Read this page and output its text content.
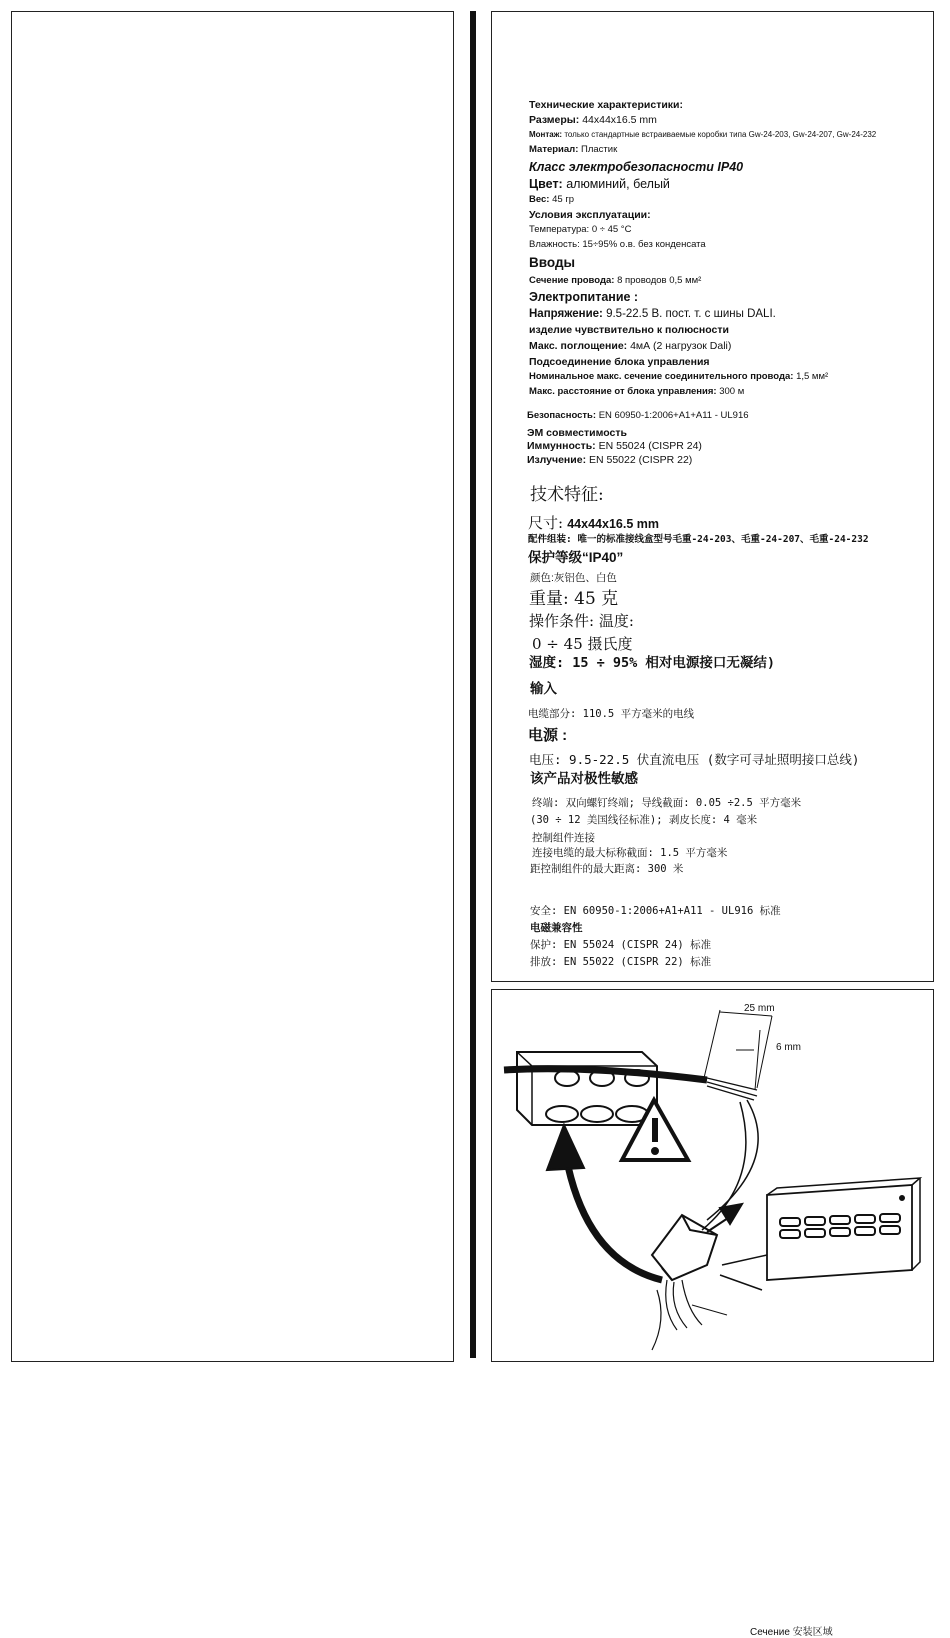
Технические характеристики:
Размеры: 44x44x16.5 mm
Монтаж: только стандартные встраиваемые коробки типа Gw-24-203, Gw-24-207, Gw-24-232
Материал: Пластик
Класс электробезопасности IP40
Цвет: алюминий, белый
Вес: 45 гр
Условия эксплуатации:
Температура: 0 ÷ 45 °C
Влажность: 15÷95% о.в. без конденсата
Вводы
Сечение провода: 8 проводов 0,5 мм²
Электропитание :
Напряжение: 9.5-22.5 В. пост. т. с шины DALI.
изделие чувствительно к полюсности
Макс. поглощение: 4мА (2 нагрузок Dali)
Подсоединение блока управления
Номинальное макс. сечение соединительного провода: 1,5 мм²
Макс. расстояние от блока управления: 300 м
Безопасность: EN 60950-1:2006+A1+A11 - UL916
ЭМ совместимость
Иммунность: EN 55024 (CISPR 24)
Излучение: EN 55022 (CISPR 22)
技术特征:
尺寸: 44x44x16.5 mm
配件组装: 唯一的标准接线盒型号毛重-24-203、毛重-24-207、毛重-24-232
保护等级“IP40”
颜色:灰铝色、白色
重量: 45 克
操作条件: 温度:
0 ÷ 45 摄氏度
湿度: 15 ÷ 95% 相对电源接口无凝结)
输入
电缆部分: 110.5 平方毫米的电线
电源 :
电压: 9.5-22.5 伏直流电压 (数字可寻址照明接口总线)
该产品对极性敏感
终端: 双向螺钉终端; 导线截面: 0.05 ÷2.5 平方毫米
(30 ÷ 12 美国线径标准); 剥皮长度: 4 毫米
控制组件连接
连接电缆的最大标称截面: 1.5 平方毫米
距控制组件的最大距离: 300 米
安全: EN 60950-1:2006+A1+A11 - UL916 标准
电磁兼容性
保护: EN 55024 (CISPR 24) 标准
排放: EN 55022 (CISPR 22) 标准
25 mm
6 mm
Сечение 安装区域
